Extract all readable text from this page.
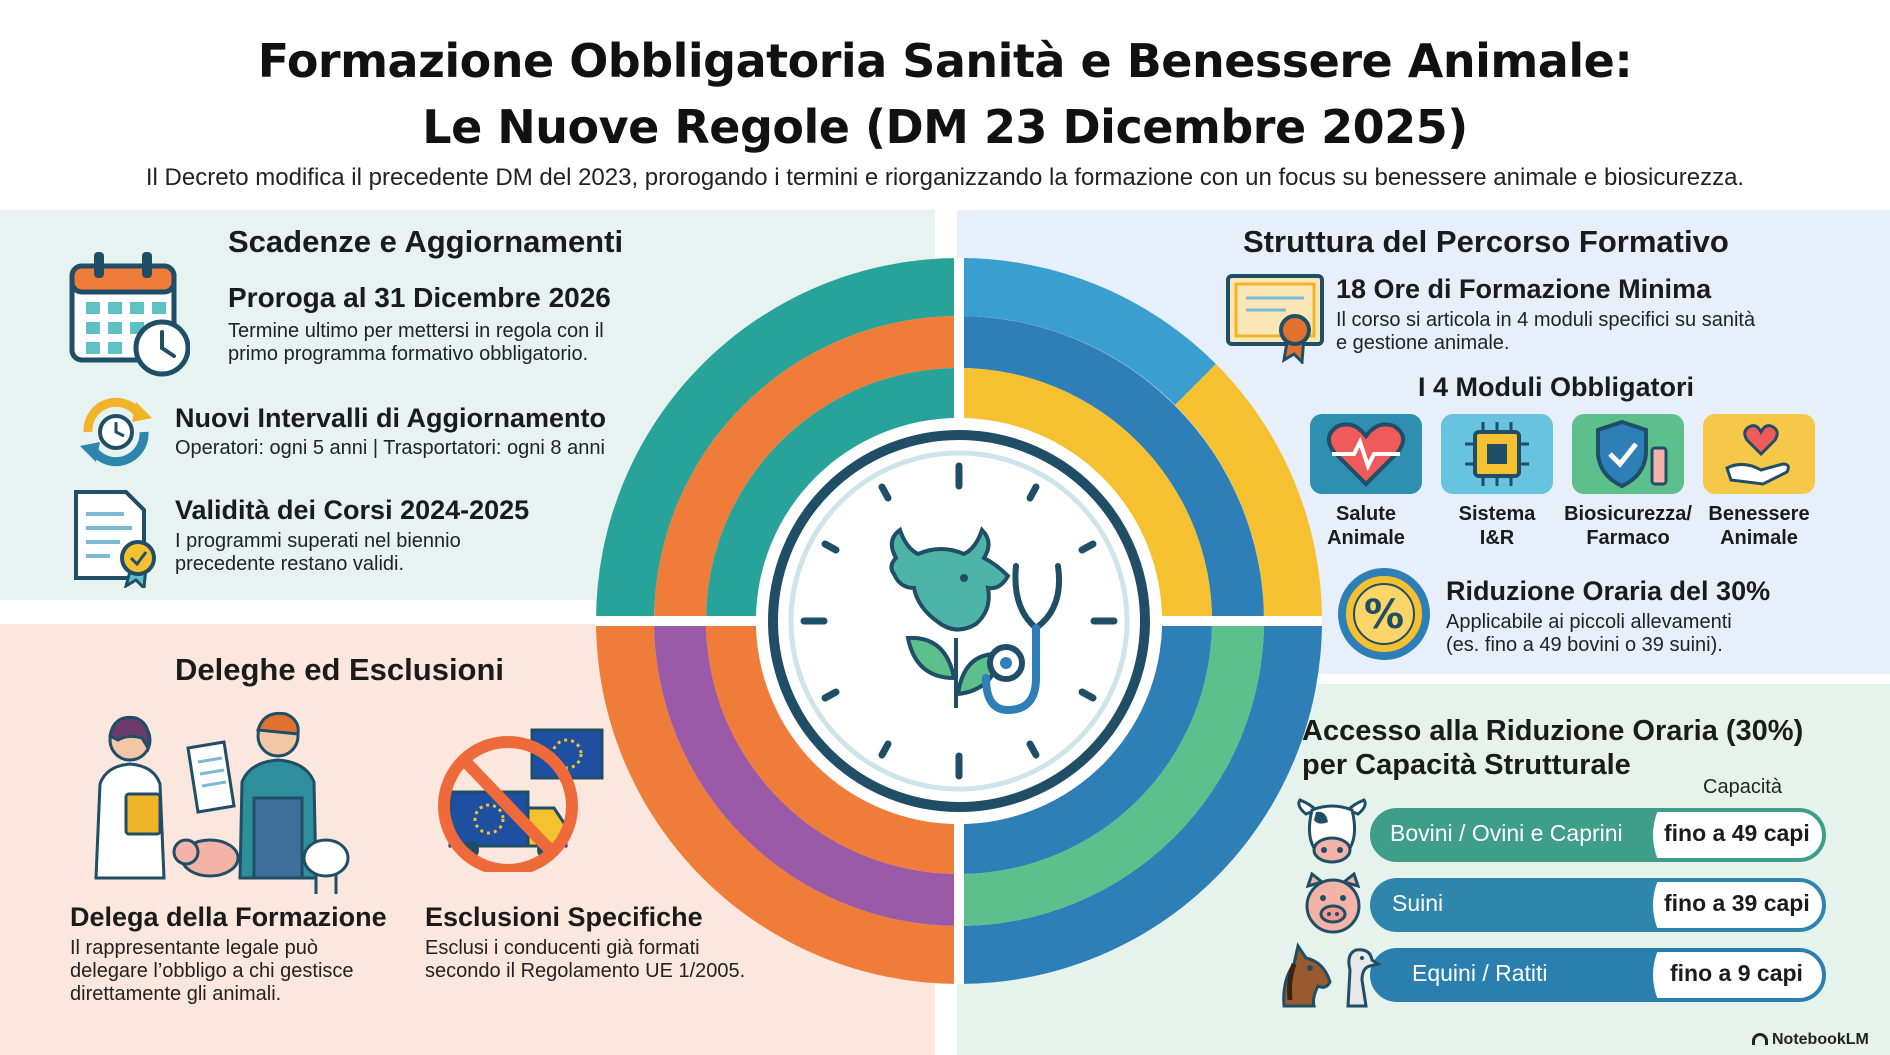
Formazione Obbligatoria Sanità e Benessere Animale:
Le Nuove Regole (DM 23 Dicembre 2025)
Il Decreto modifica il precedente DM del 2023, prorogando i termini e riorganizzando la formazione con un focus su benessere animale e biosicurezza.
Scadenze e Aggiornamenti
Proroga al 31 Dicembre 2026
Termine ultimo per mettersi in regola con il
primo programma formativo obbligatorio.
Nuovi Intervalli di Aggiornamento
Operatori: ogni 5 anni | Trasportatori: ogni 8 anni
Validità dei Corsi 2024-2025
I programmi superati nel biennio
precedente restano validi.
Deleghe ed Esclusioni
Delega della Formazione
Il rappresentante legale può
delegare l’obbligo a chi gestisce
direttamente gli animali.
Esclusioni Specifiche
Esclusi i conducenti già formati
secondo il Regolamento UE 1/2005.
Struttura del Percorso Formativo
18 Ore di Formazione Minima
Il corso si articola in 4 moduli specifici su sanità
e gestione animale.
I 4 Moduli Obbligatori
Salute
Animale
Sistema
I&R
Biosicurezza/
Farmaco
Benessere
Animale
%
Riduzione Oraria del 30%
Applicabile ai piccoli allevamenti
(es. fino a 49 bovini o 39 suini).
Accesso alla Riduzione Oraria (30%)
per Capacità Strutturale
Capacità
Bovini / Ovini e Caprini fino a 49 capi
Suini	fino a 39 capi
Equini / Ratiti	fino a 9 capi
NotebookLM
